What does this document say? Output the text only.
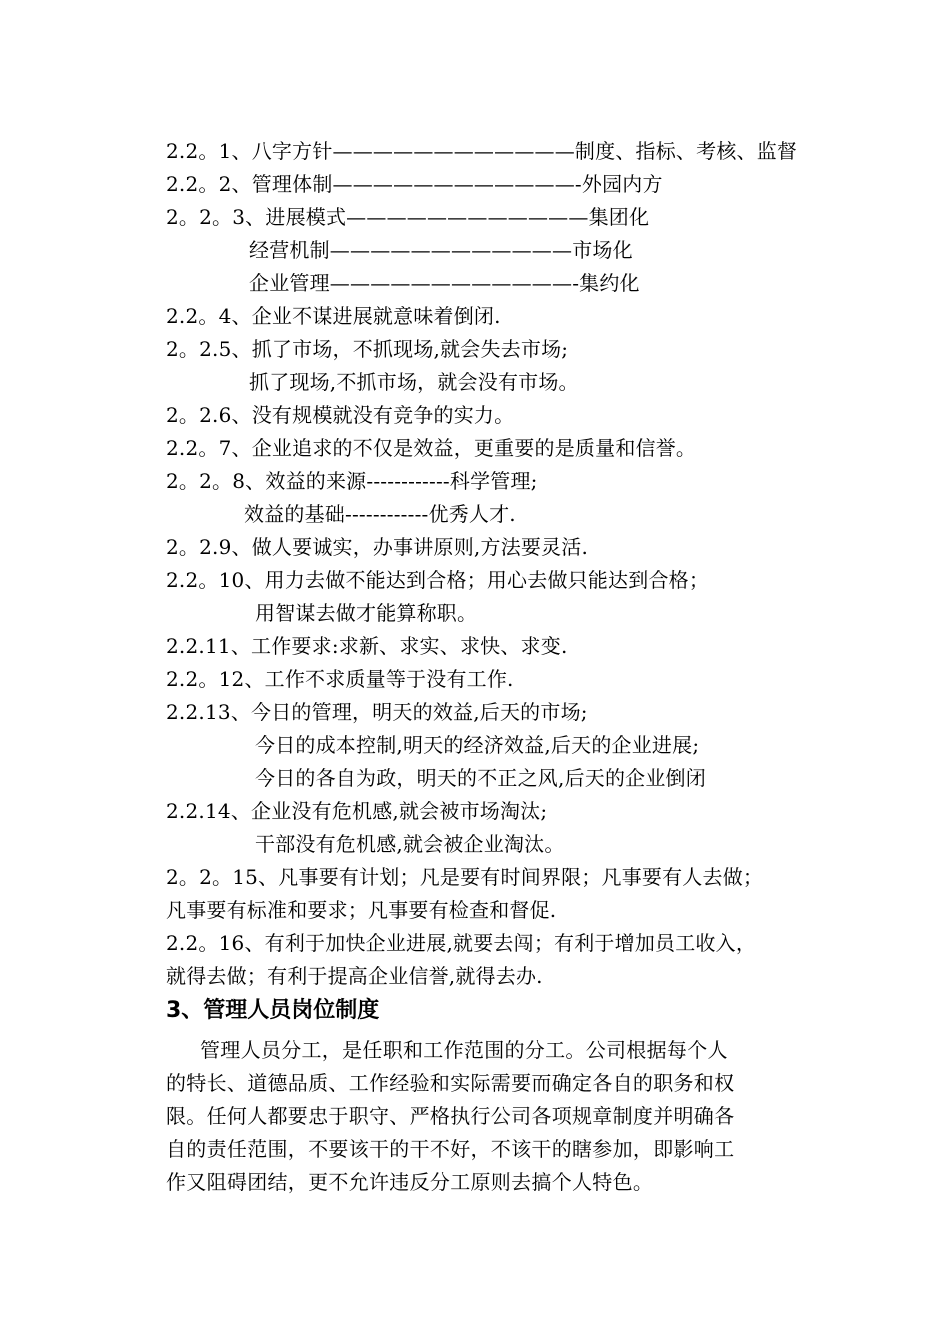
2.2。1、八字方针————————————制度、指标、考核、监督
2.2。2、管理体制————————————-外园内方
2。2。3、进展模式————————————集团化
经营机制————————————市场化
企业管理————————————-集约化
2.2。4、企业不谋进展就意味着倒闭.
2。2.5、抓了市场，不抓现场,就会失去市场;
抓了现场,不抓市场，就会没有市场。
2。2.6、没有规模就没有竞争的实力。
2.2。7、企业追求的不仅是效益，更重要的是质量和信誉。
2。2。8、效益的来源------------科学管理;
效益的基础------------优秀人才.
2。2.9、做人要诚实，办事讲原则,方法要灵活.
2.2。10、用力去做不能达到合格；用心去做只能达到合格；
用智谋去做才能算称职。
2.2.11、工作要求:求新、求实、求快、求变.
2.2。12、工作不求质量等于没有工作.
2.2.13、今日的管理，明天的效益,后天的市场;
今日的成本控制,明天的经济效益,后天的企业进展;
今日的各自为政，明天的不正之风,后天的企业倒闭
2.2.14、企业没有危机感,就会被市场淘汰;
干部没有危机感,就会被企业淘汰。
2。2。15、凡事要有计划；凡是要有时间界限；凡事要有人去做；
凡事要有标准和要求；凡事要有检查和督促.
2.2。16、有利于加快企业进展,就要去闯；有利于增加员工收入，
就得去做；有利于提高企业信誉,就得去办.
3、管理人员岗位制度
管理人员分工，是任职和工作范围的分工。公司根据每个人
的特长、道德品质、工作经验和实际需要而确定各自的职务和权
限。任何人都要忠于职守、严格执行公司各项规章制度并明确各
自的责任范围，不要该干的干不好，不该干的瞎参加，即影响工
作又阻碍团结，更不允许违反分工原则去搞个人特色。
